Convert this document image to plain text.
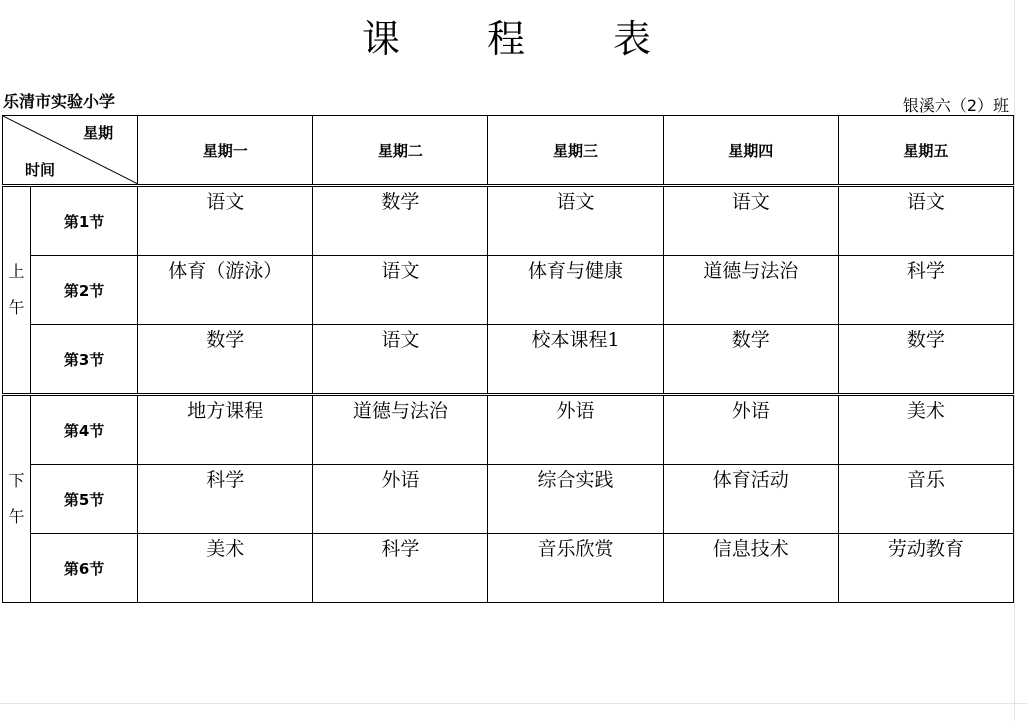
课 程 表
乐清市实验小学	银溪六（2）班
星期
时间		星期一	星期二	星期三	星期四	星期五
上
午	第1节	语文	数学	语文	语文	语文
	第2节	体育（游泳）	语文	体育与健康	道德与法治	科学
	第3节	数学	语文	校本课程1	数学	数学
下
午	第4节	地方课程	道德与法治	外语	外语	美术
	第5节	科学	外语	综合实践	体育活动	音乐
	第6节	美术	科学	音乐欣赏	信息技术	劳动教育
